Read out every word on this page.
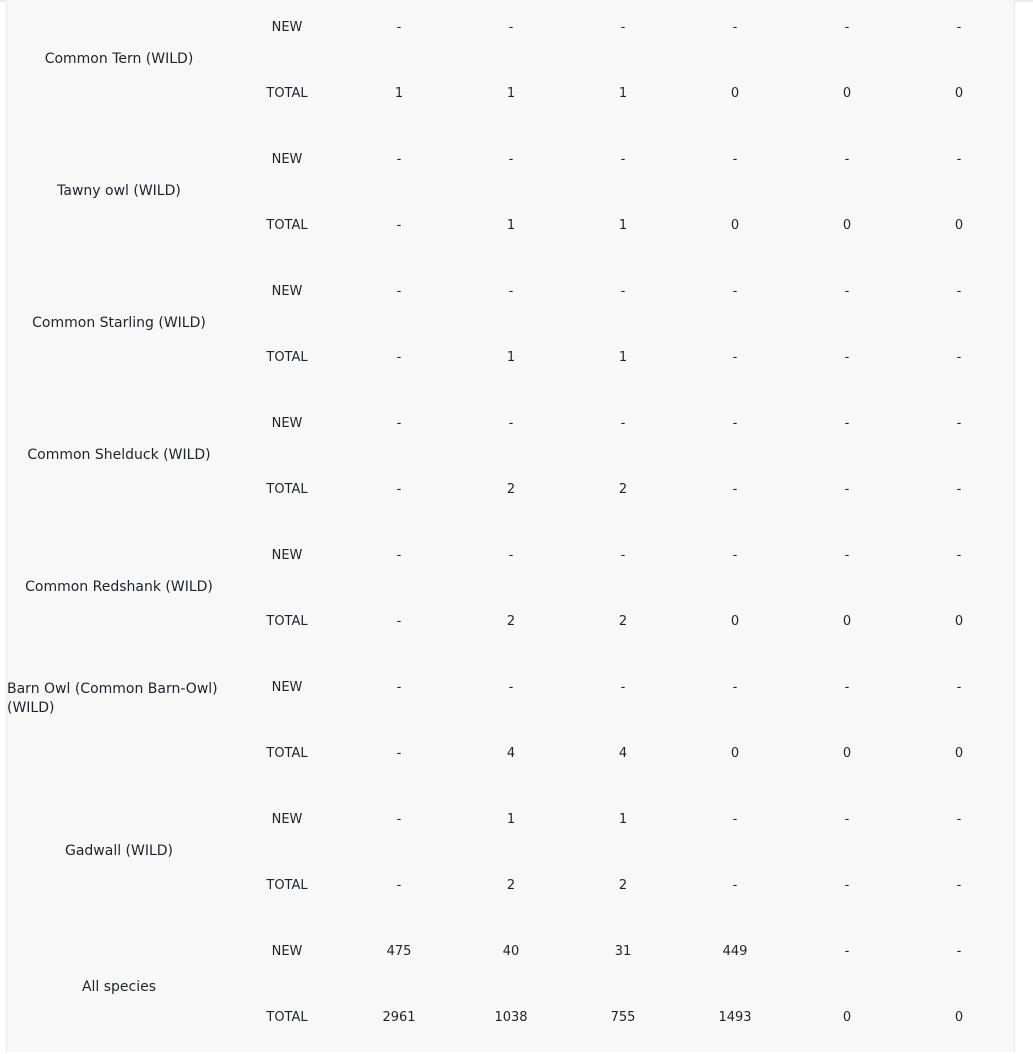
Common Tern (WILD)
NEW	-	-	-	-	-	-
TOTAL	1	1	1	0	0	0
Tawny owl (WILD)
NEW	-	-	-	-	-	-
TOTAL	-	1	1	0	0	0
Common Starling (WILD)
NEW	-	-	-	-	-	-
TOTAL	-	1	1	-	-	-
Common Shelduck (WILD)
NEW	-	-	-	-	-	-
TOTAL	-	2	2	-	-	-
Common Redshank (WILD)
NEW	-	-	-	-	-	-
TOTAL	-	2	2	0	0	0
Barn Owl (Common Barn-Owl) (WILD)
NEW	-	-	-	-	-	-
TOTAL	-	4	4	0	0	0
Gadwall (WILD)
NEW	-	1	1	-	-	-
TOTAL	-	2	2	-	-	-
All species
NEW	475	40	31	449	-	-
TOTAL	2961	1038	755	1493	0	0
